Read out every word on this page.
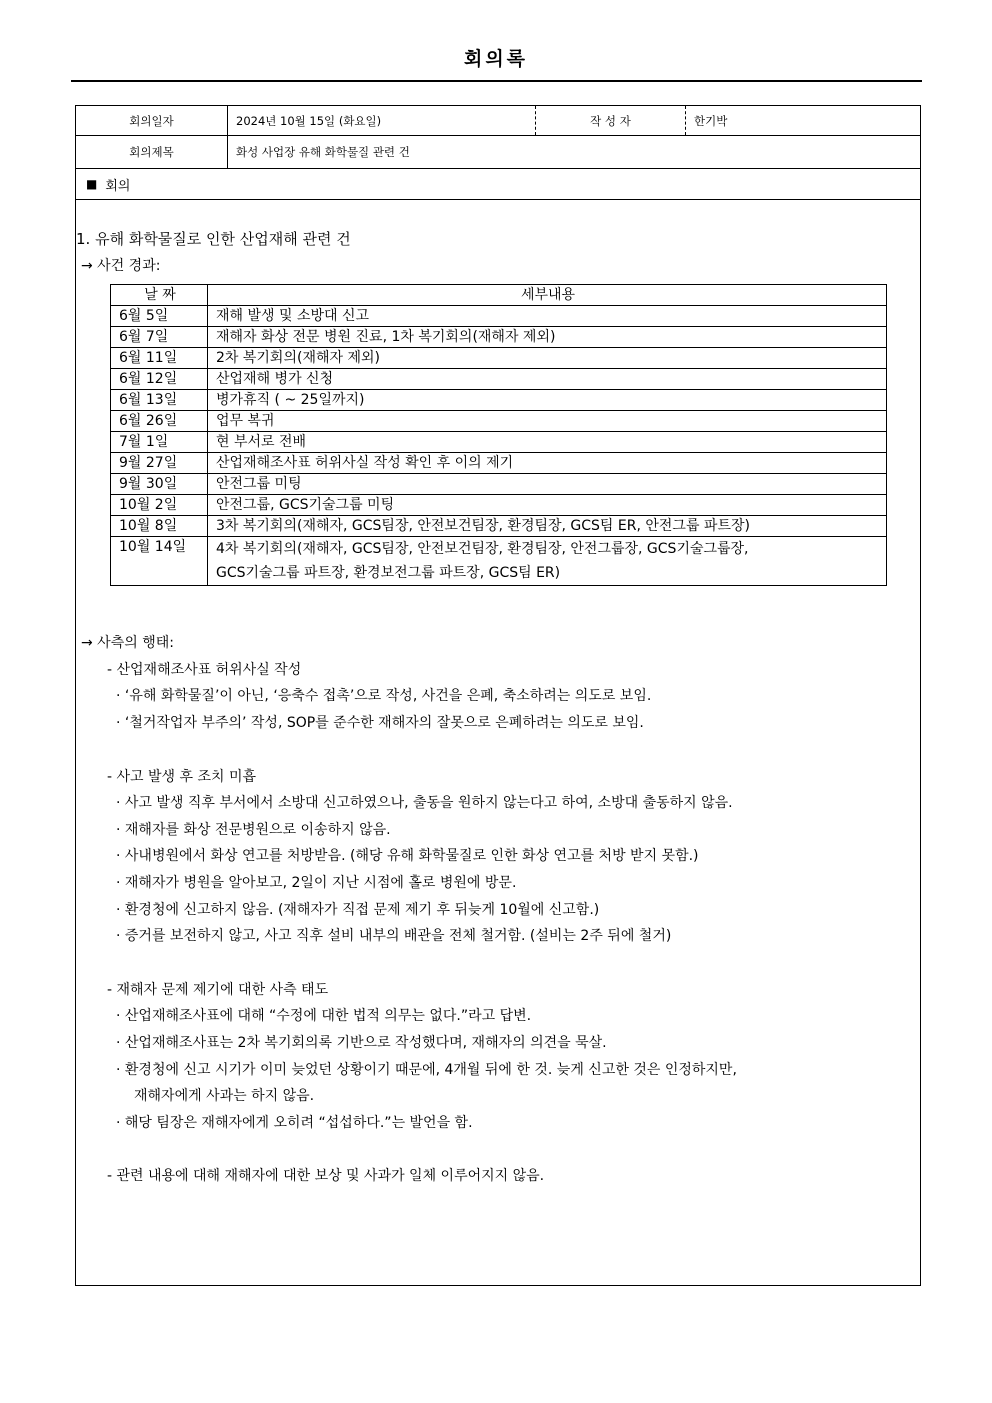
회의록
회의일자	2024년 10월 15일 (화요일)	작 성 자	한기박
회의제목	화성 사업장 유해 화학물질 관련 건
■ 회의
1. 유해 화학물질로 인한 산업재해 관련 건
→ 사건 경과:
날 짜	세부내용
6월 5일	재해 발생 및 소방대 신고
6월 7일	재해자 화상 전문 병원 진료, 1차 복기회의(재해자 제외)
6월 11일	2차 복기회의(재해자 제외)
6월 12일	산업재해 병가 신청
6월 13일	병가휴직 ( ~ 25일까지)
6월 26일	업무 복귀
7월 1일	현 부서로 전배
9월 27일	산업재해조사표 허위사실 작성 확인 후 이의 제기
9월 30일	안전그룹 미팅
10월 2일	안전그룹, GCS기술그룹 미팅
10월 8일	3차 복기회의(재해자, GCS팀장, 안전보건팀장, 환경팀장, GCS팀 ER, 안전그룹 파트장)
10월 14일	4차 복기회의(재해자, GCS팀장, 안전보건팀장, 환경팀장, 안전그룹장, GCS기술그룹장,
GCS기술그룹 파트장, 환경보전그룹 파트장, GCS팀 ER)
→ 사측의 행태:
- 산업재해조사표 허위사실 작성
· ‘유해 화학물질’이 아닌, ‘응축수 접촉’으로 작성, 사건을 은폐, 축소하려는 의도로 보임.
· ‘철거작업자 부주의’ 작성, SOP를 준수한 재해자의 잘못으로 은폐하려는 의도로 보임.
- 사고 발생 후 조치 미흡
· 사고 발생 직후 부서에서 소방대 신고하였으나, 출동을 원하지 않는다고 하여, 소방대 출동하지 않음.
· 재해자를 화상 전문병원으로 이송하지 않음.
· 사내병원에서 화상 연고를 처방받음. (해당 유해 화학물질로 인한 화상 연고를 처방 받지 못함.)
· 재해자가 병원을 알아보고, 2일이 지난 시점에 홀로 병원에 방문.
· 환경청에 신고하지 않음. (재해자가 직접 문제 제기 후 뒤늦게 10월에 신고함.)
· 증거를 보전하지 않고, 사고 직후 설비 내부의 배관을 전체 철거함. (설비는 2주 뒤에 철거)
- 재해자 문제 제기에 대한 사측 태도
· 산업재해조사표에 대해 “수정에 대한 법적 의무는 없다.”라고 답변.
· 산업재해조사표는 2차 복기회의록 기반으로 작성했다며, 재해자의 의견을 묵살.
· 환경청에 신고 시기가 이미 늦었던 상황이기 때문에, 4개월 뒤에 한 것. 늦게 신고한 것은 인정하지만,
재해자에게 사과는 하지 않음.
· 해당 팀장은 재해자에게 오히려 “섭섭하다.”는 발언을 함.
- 관련 내용에 대해 재해자에 대한 보상 및 사과가 일체 이루어지지 않음.
